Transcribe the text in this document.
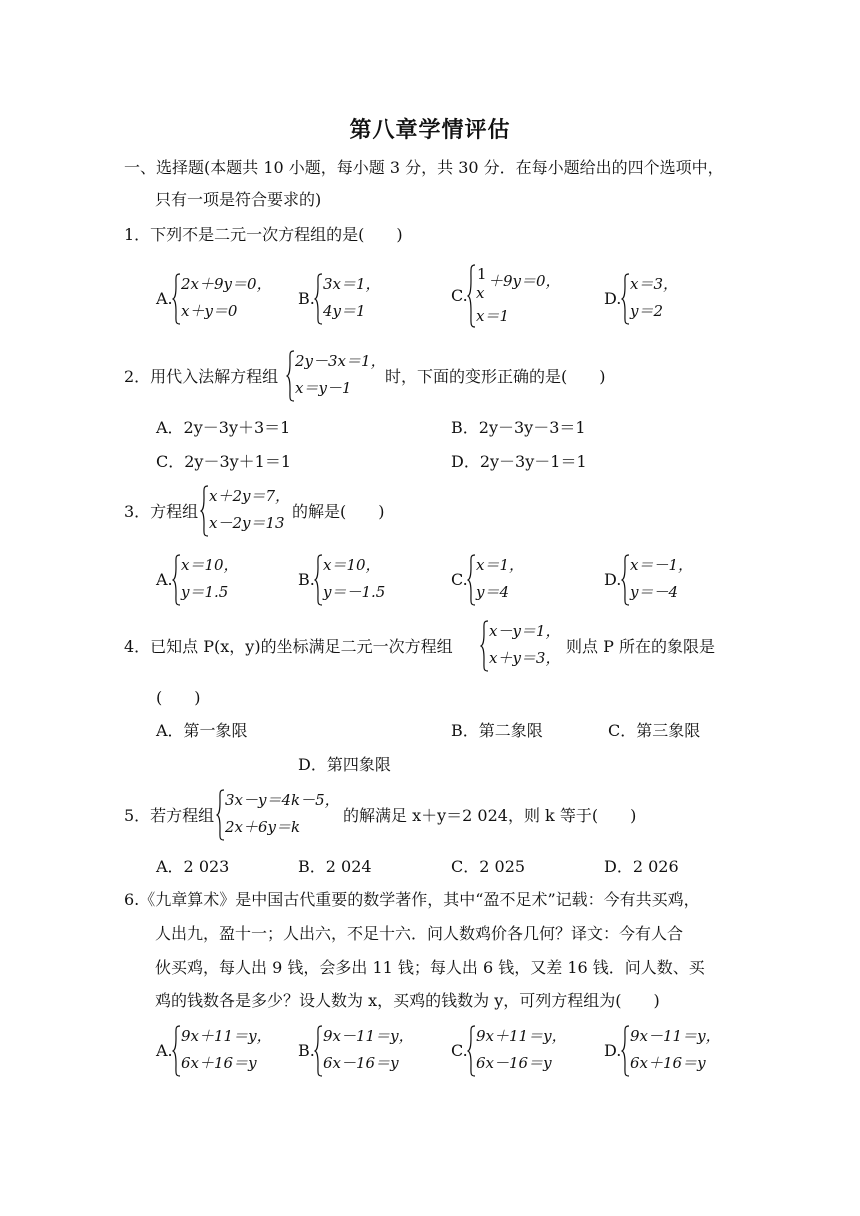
第八章学情评估
一、选择题(本题共 10 小题，每小题 3 分，共 30 分．在每小题给出的四个选项中，
只有一项是符合要求的)
1．下列不是二元一次方程组的是(　　)
A.
2x＋9y＝0，
x＋y＝0
B.
3x＝1，
4y＝1
C.
1 ＋9y＝0，
x
x＝1
D.
x＝3，
y＝2
2．用代入法解方程组
2y－3x＝1，
x＝y－1
时，下面的变形正确的是(　　)
A．2y－3y＋3＝1	B．2y－3y－3＝1
C．2y－3y＋1＝1	D．2y－3y－1＝1
3．方程组
x＋2y＝7，
x－2y＝13
的解是(　　)
A.
x＝10，
y＝1.5
B.
x＝10，
y＝－1.5
C.
x＝1，
y＝4
D.
x＝－1，
y＝－4
4．已知点 P(x，y)的坐标满足二元一次方程组
x－y＝1，
x＋y＝3，
则点 P 所在的象限是
(　　)
A．第一象限	B．第二象限	C．第三象限
D．第四象限
5．若方程组
3x－y＝4k－5，
2x＋6y＝k
的解满足 x＋y＝2 024，则 k 等于(　　)
A．2 023	B．2 024	C．2 025	D．2 026
6.《九章算术》是中国古代重要的数学著作，其中“盈不足术”记载：今有共买鸡，
人出九，盈十一；人出六，不足十六．问人数鸡价各几何？译文：今有人合
伙买鸡，每人出 9 钱，会多出 11 钱；每人出 6 钱，又差 16 钱．问人数、买
鸡的钱数各是多少？设人数为 x，买鸡的钱数为 y，可列方程组为(　　)
A.
9x＋11＝y，
6x＋16＝y
B.
9x－11＝y，
6x－16＝y
C.
9x＋11＝y，
6x－16＝y
D.
9x－11＝y，
6x＋16＝y
